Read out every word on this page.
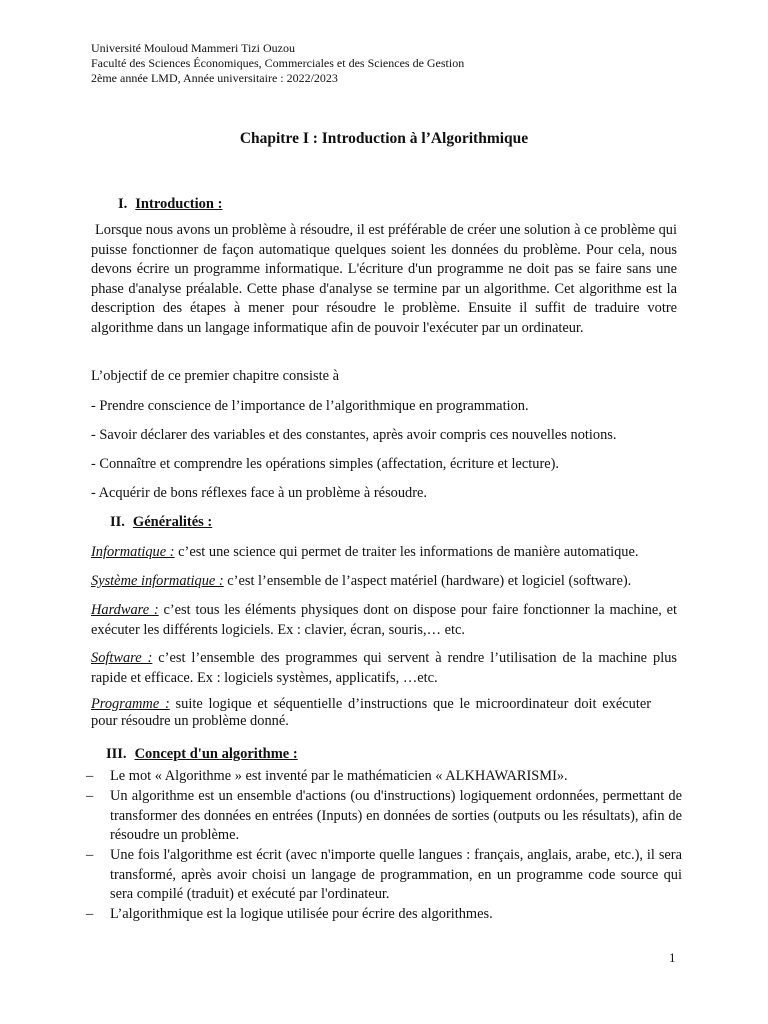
Université Mouloud Mammeri Tizi Ouzou
Faculté des Sciences Économiques, Commerciales et des Sciences de Gestion
2ème année LMD, Année universitaire : 2022/2023
Chapitre I : Introduction à l’Algorithmique
I. Introduction :
Lorsque nous avons un problème à résoudre, il est préférable de créer une solution à ce problème qui puisse fonctionner de façon automatique quelques soient les données du problème. Pour cela, nous devons écrire un programme informatique. L'écriture d'un programme ne doit pas se faire sans une phase d'analyse préalable. Cette phase d'analyse se termine par un algorithme. Cet algorithme est la description des étapes à mener pour résoudre le problème. Ensuite il suffit de traduire votre algorithme dans un langage informatique afin de pouvoir l'exécuter par un ordinateur.
L’objectif de ce premier chapitre consiste à
- Prendre conscience de l’importance de l’algorithmique en programmation.
- Savoir déclarer des variables et des constantes, après avoir compris ces nouvelles notions.
- Connaître et comprendre les opérations simples (affectation, écriture et lecture).
- Acquérir de bons réflexes face à un problème à résoudre.
II. Généralités :
Informatique : c’est une science qui permet de traiter les informations de manière automatique.
Système informatique : c’est l’ensemble de l’aspect matériel (hardware) et logiciel (software).
Hardware : c’est tous les éléments physiques dont on dispose pour faire fonctionner la machine, et exécuter les différents logiciels. Ex : clavier, écran, souris,… etc.
Software : c’est l’ensemble des programmes qui servent à rendre l’utilisation de la machine plus rapide et efficace. Ex : logiciels systèmes, applicatifs, …etc.
Programme : suite logique et séquentielle d’instructions que le microordinateur doit exécuter pour résoudre un problème donné.
III. Concept d'un algorithme :
– Le mot « Algorithme » est inventé par le mathématicien « ALKHAWARISMI».
– Un algorithme est un ensemble d'actions (ou d'instructions) logiquement ordonnées, permettant de transformer des données en entrées (Inputs) en données de sorties (outputs ou les résultats), afin de résoudre un problème.
– Une fois l'algorithme est écrit (avec n'importe quelle langues : français, anglais, arabe, etc.), il sera transformé, après avoir choisi un langage de programmation, en un programme code source qui sera compilé (traduit) et exécuté par l'ordinateur.
– L’algorithmique est la logique utilisée pour écrire des algorithmes.
1
